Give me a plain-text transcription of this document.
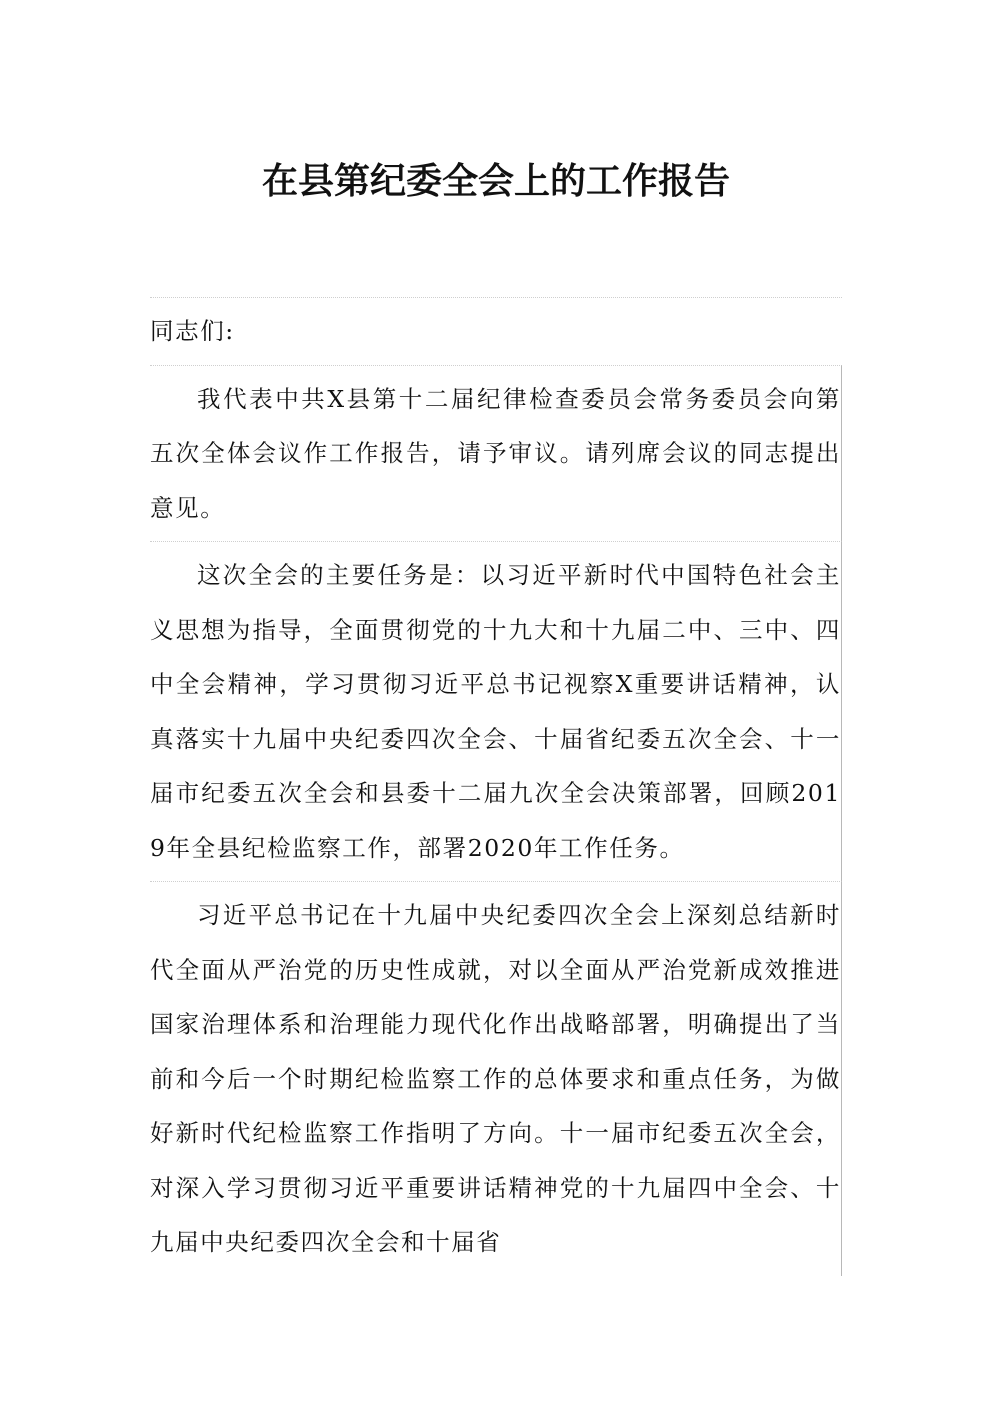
在县第纪委全会上的工作报告

同志们:

我代表中共X县第十二届纪律检查委员会常务委员会向第五次全体会议作工作报告，请予审议。请列席会议的同志提出意见。

这次全会的主要任务是：以习近平新时代中国特色社会主义思想为指导，全面贯彻党的十九大和十九届二中、三中、四中全会精神，学习贯彻习近平总书记视察X重要讲话精神，认真落实十九届中央纪委四次全会、十届省纪委五次全会、十一届市纪委五次全会和县委十二届九次全会决策部署，回顾2019年全县纪检监察工作，部署2020年工作任务。

习近平总书记在十九届中央纪委四次全会上深刻总结新时代全面从严治党的历史性成就，对以全面从严治党新成效推进国家治理体系和治理能力现代化作出战略部署，明确提出了当前和今后一个时期纪检监察工作的总体要求和重点任务，为做好新时代纪检监察工作指明了方向。十一届市纪委五次全会，对深入学习贯彻习近平重要讲话精神党的十九届四中全会、十九届中央纪委四次全会和十届省
